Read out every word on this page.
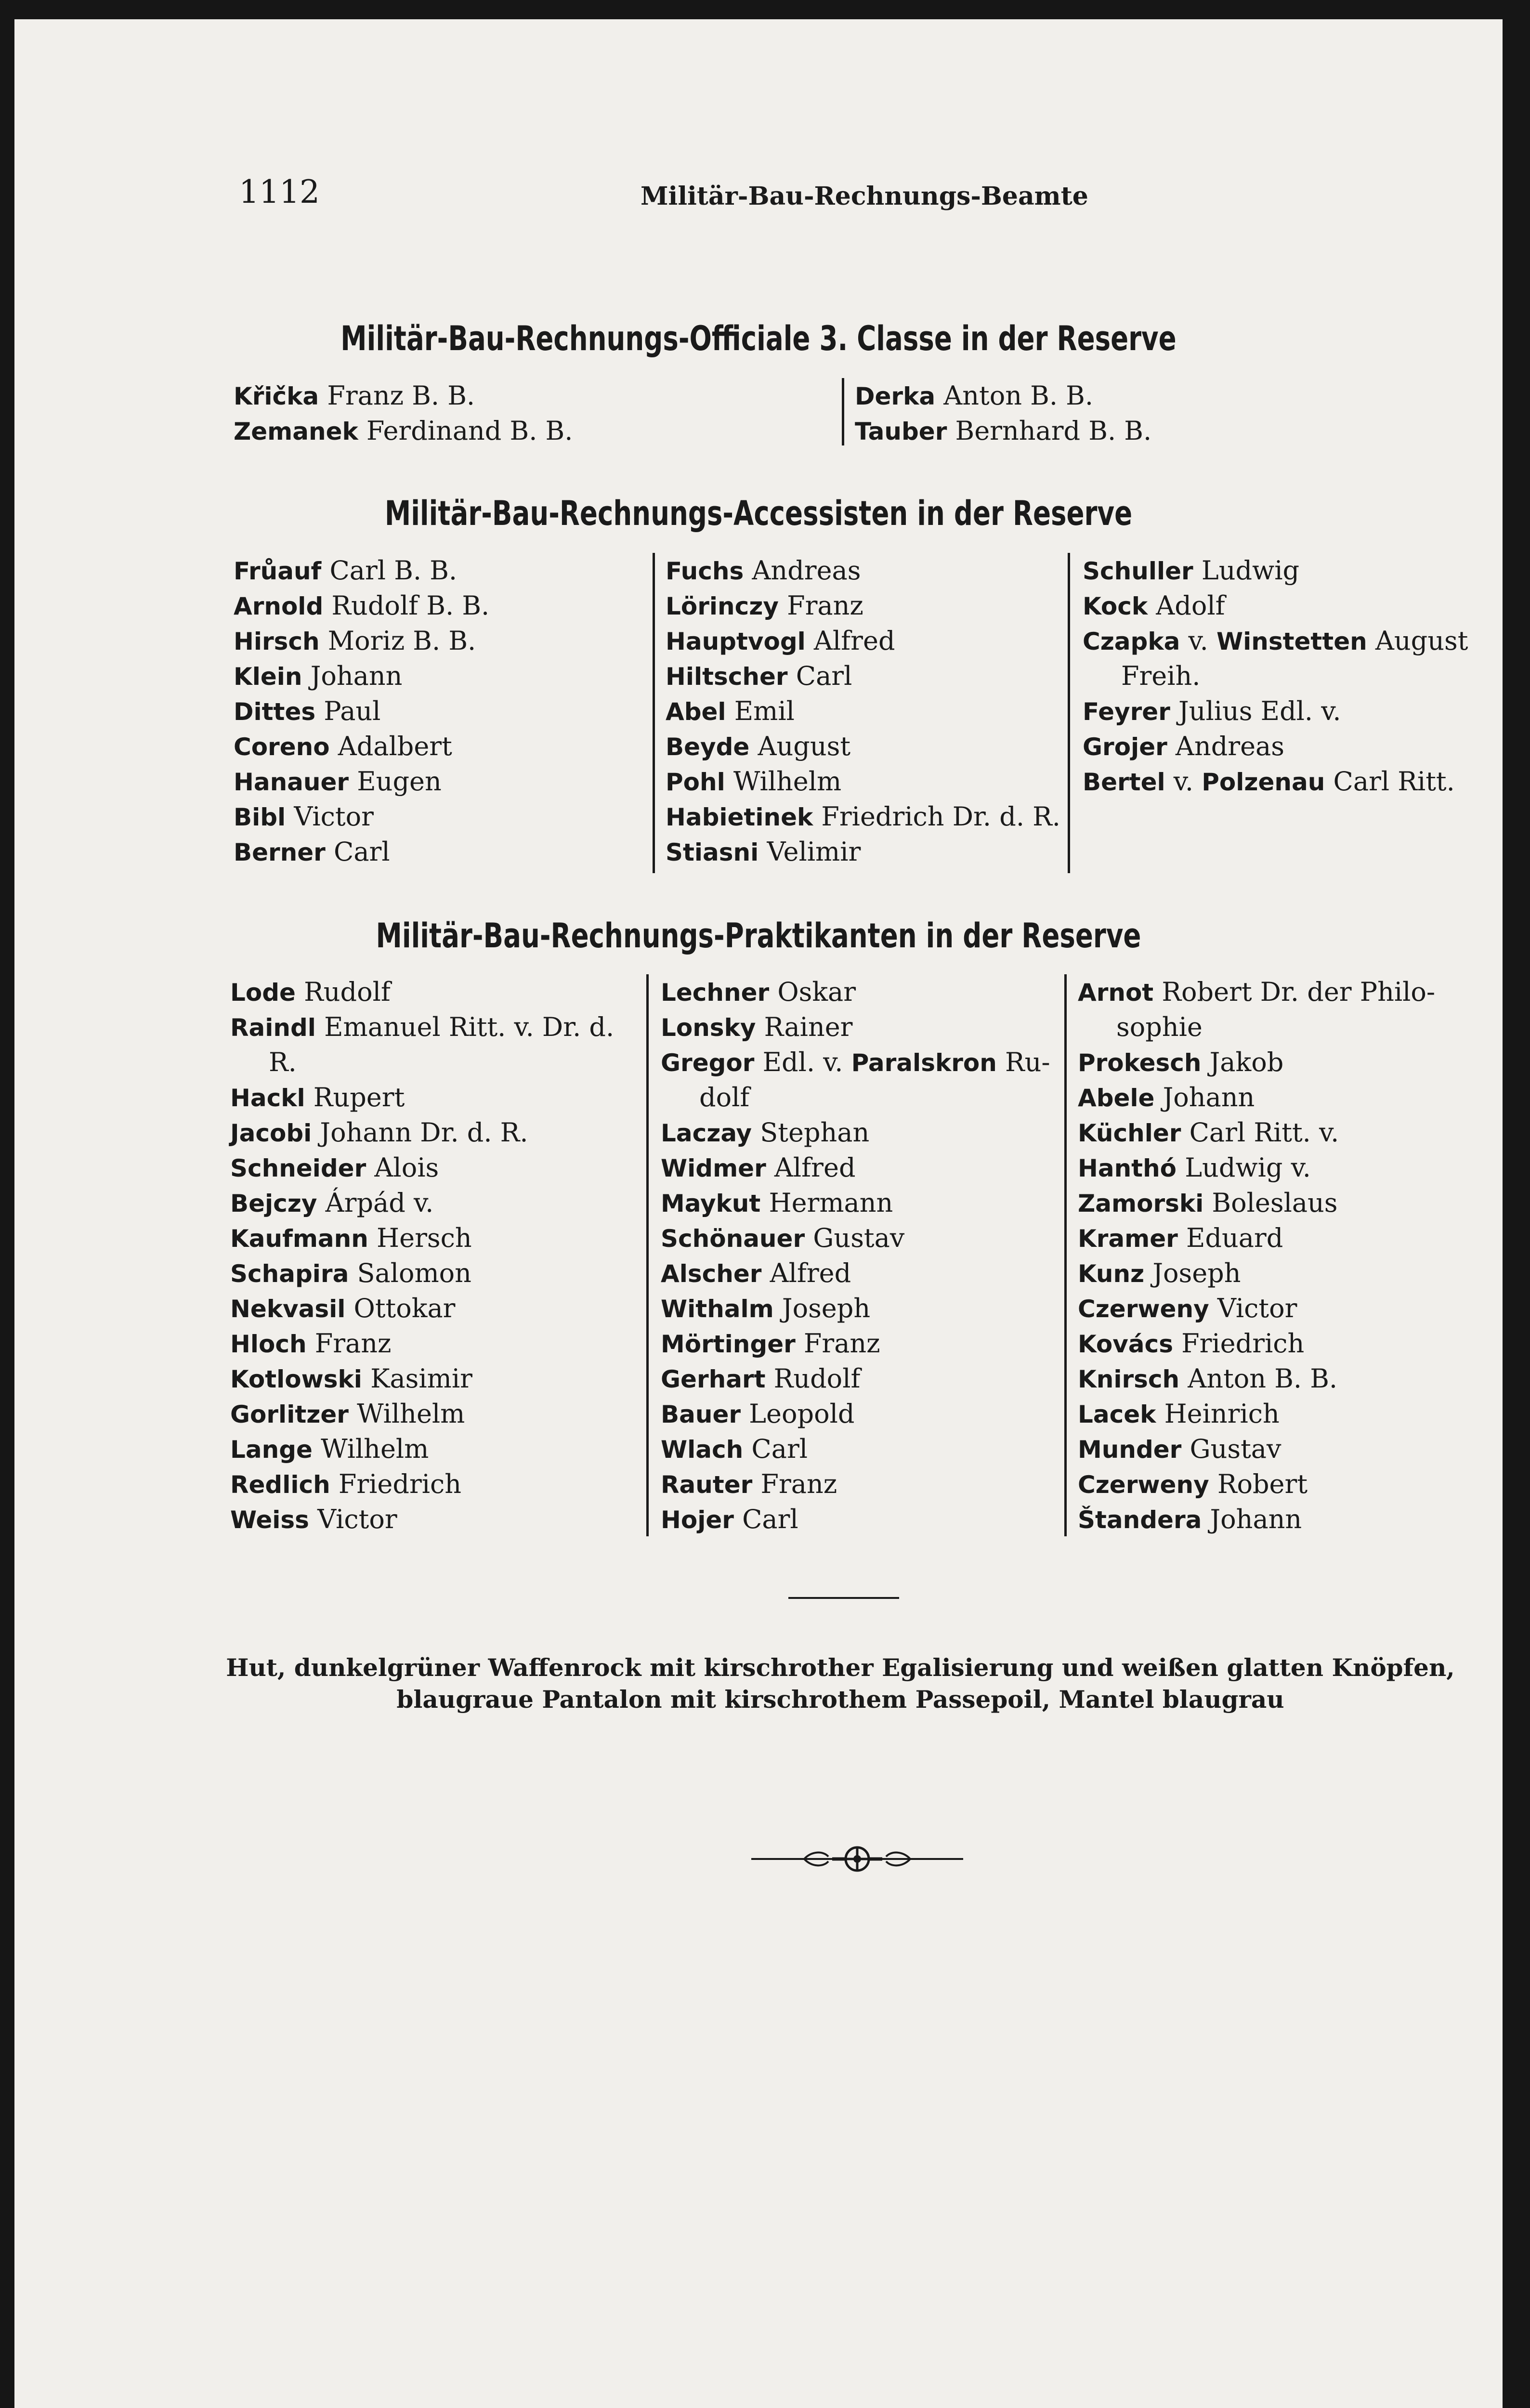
1112	Militär-Bau-Rechnungs-Beamte
Militär-Bau-Rechnungs-Officiale 3. Classe in der Reserve
Křička Franz B. B.
Zemanek Ferdinand B. B.
Derka Anton B. B.
Tauber Bernhard B. B.
Militär-Bau-Rechnungs-Accessisten in der Reserve
Frůauf Carl B. B.
Arnold Rudolf B. B.
Hirsch Moriz B. B.
Klein Johann
Dittes Paul
Coreno Adalbert
Hanauer Eugen
Bibl Victor
Berner Carl
Fuchs Andreas
Lörinczy Franz
Hauptvogl Alfred
Hiltscher Carl
Abel Emil
Beyde August
Pohl Wilhelm
Habietinek Friedrich Dr. d. R.
Stiasni Velimir
Schuller Ludwig
Kock Adolf
Czapka v. Winstetten August
Freih.
Feyrer Julius Edl. v.
Grojer Andreas
Bertel v. Polzenau Carl Ritt.
Militär-Bau-Rechnungs-Praktikanten in der Reserve
Lode Rudolf
Raindl Emanuel Ritt. v. Dr. d.
R.
Hackl Rupert
Jacobi Johann Dr. d. R.
Schneider Alois
Bejczy Árpád v.
Kaufmann Hersch
Schapira Salomon
Nekvasil Ottokar
Hloch Franz
Kotlowski Kasimir
Gorlitzer Wilhelm
Lange Wilhelm
Redlich Friedrich
Weiss Victor
Lechner Oskar
Lonsky Rainer
Gregor Edl. v. Paralskron Ru-
dolf
Laczay Stephan
Widmer Alfred
Maykut Hermann
Schönauer Gustav
Alscher Alfred
Withalm Joseph
Mörtinger Franz
Gerhart Rudolf
Bauer Leopold
Wlach Carl
Rauter Franz
Hojer Carl
Arnot Robert Dr. der Philo-
sophie
Prokesch Jakob
Abele Johann
Küchler Carl Ritt. v.
Hanthó Ludwig v.
Zamorski Boleslaus
Kramer Eduard
Kunz Joseph
Czerweny Victor
Kovács Friedrich
Knirsch Anton B. B.
Lacek Heinrich
Munder Gustav
Czerweny Robert
Štandera Johann
Hut, dunkelgrüner Waffenrock mit kirschrother Egalisierung und weißen glatten Knöpfen, blaugraue Pantalon mit kirschrothem Passepoil, Mantel blaugrau
